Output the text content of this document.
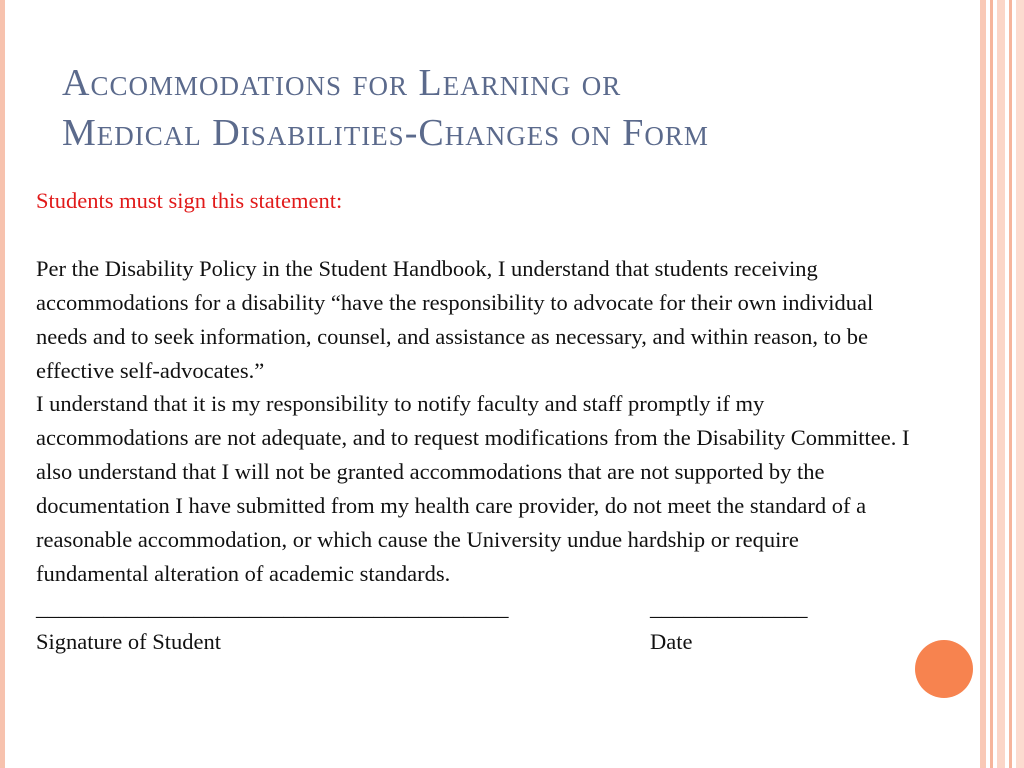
Accommodations for Learning or
Medical Disabilities-Changes on Form

Students must sign this statement:

Per the Disability Policy in the Student Handbook, I understand that students receiving accommodations for a disability “have the responsibility to advocate for their own individual needs and to seek information, counsel, and assistance as necessary, and within reason, to be effective self-advocates.”

I understand that it is my responsibility to notify faculty and staff promptly if my accommodations are not adequate, and to request modifications from the Disability Committee. I also understand that I will not be granted accommodations that are not supported by the documentation I have submitted from my health care provider, do not meet the standard of a reasonable accommodation, or which cause the University undue hardship or require fundamental alteration of academic standards.

__________________________________________	______________
Signature of Student	Date
